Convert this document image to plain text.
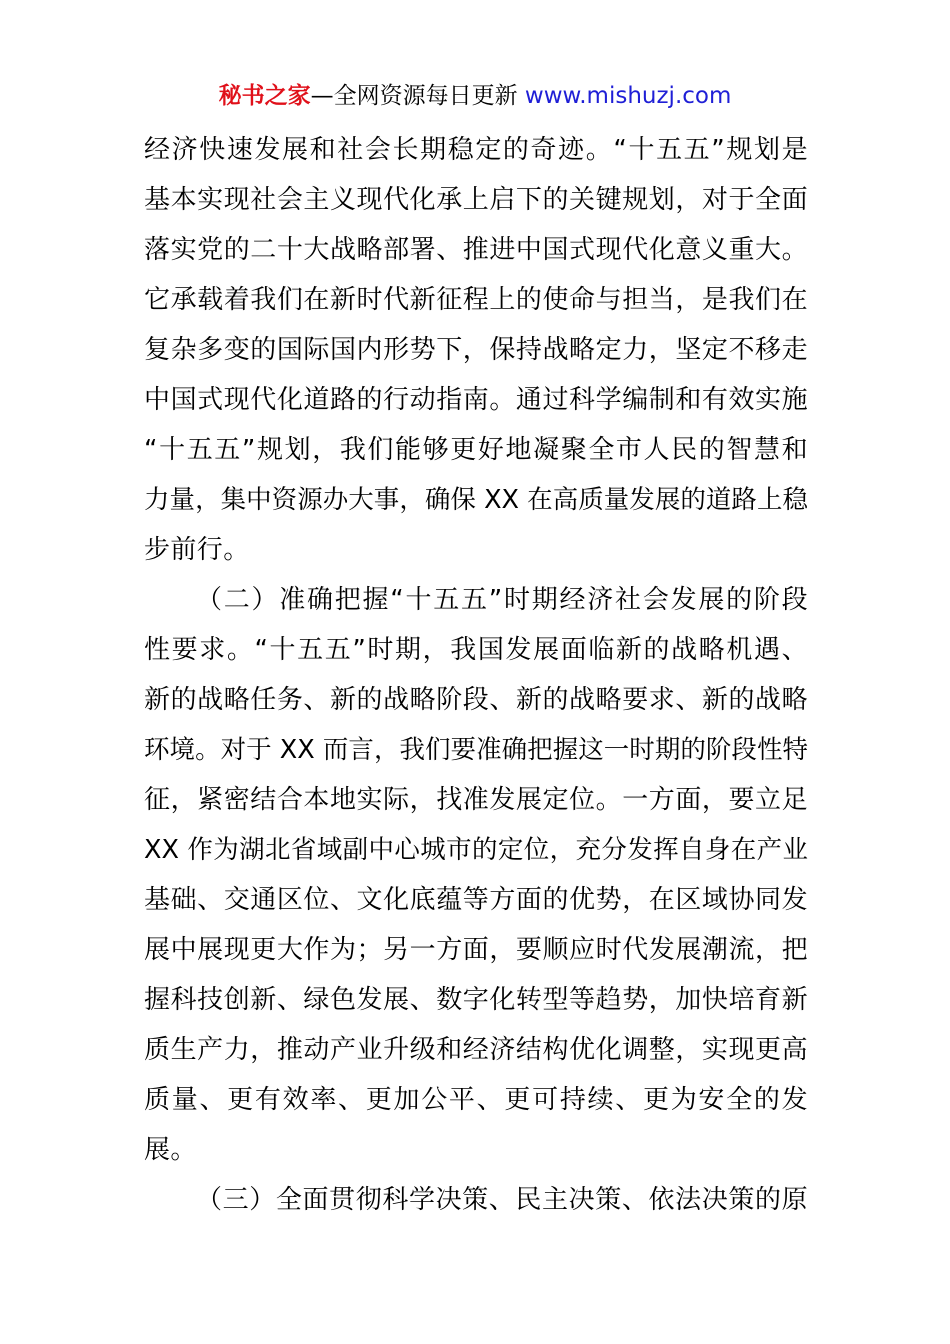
秘书之家—全网资源每日更新 www.mishuzj.com
经济快速发展和社会长期稳定的奇迹。“十五五”规划是
基本实现社会主义现代化承上启下的关键规划，对于全面
落实党的二十大战略部署、推进中国式现代化意义重大。
它承载着我们在新时代新征程上的使命与担当，是我们在
复杂多变的国际国内形势下，保持战略定力，坚定不移走
中国式现代化道路的行动指南。通过科学编制和有效实施
“十五五”规划，我们能够更好地凝聚全市人民的智慧和
力量，集中资源办大事，确保 XX 在高质量发展的道路上稳
步前行。
（二）准确把握“十五五”时期经济社会发展的阶段
性要求。“十五五”时期，我国发展面临新的战略机遇、
新的战略任务、新的战略阶段、新的战略要求、新的战略
环境。对于 XX 而言，我们要准确把握这一时期的阶段性特
征，紧密结合本地实际，找准发展定位。一方面，要立足
XX 作为湖北省域副中心城市的定位，充分发挥自身在产业
基础、交通区位、文化底蕴等方面的优势，在区域协同发
展中展现更大作为；另一方面，要顺应时代发展潮流，把
握科技创新、绿色发展、数字化转型等趋势，加快培育新
质生产力，推动产业升级和经济结构优化调整，实现更高
质量、更有效率、更加公平、更可持续、更为安全的发
展。
（三）全面贯彻科学决策、民主决策、依法决策的原
